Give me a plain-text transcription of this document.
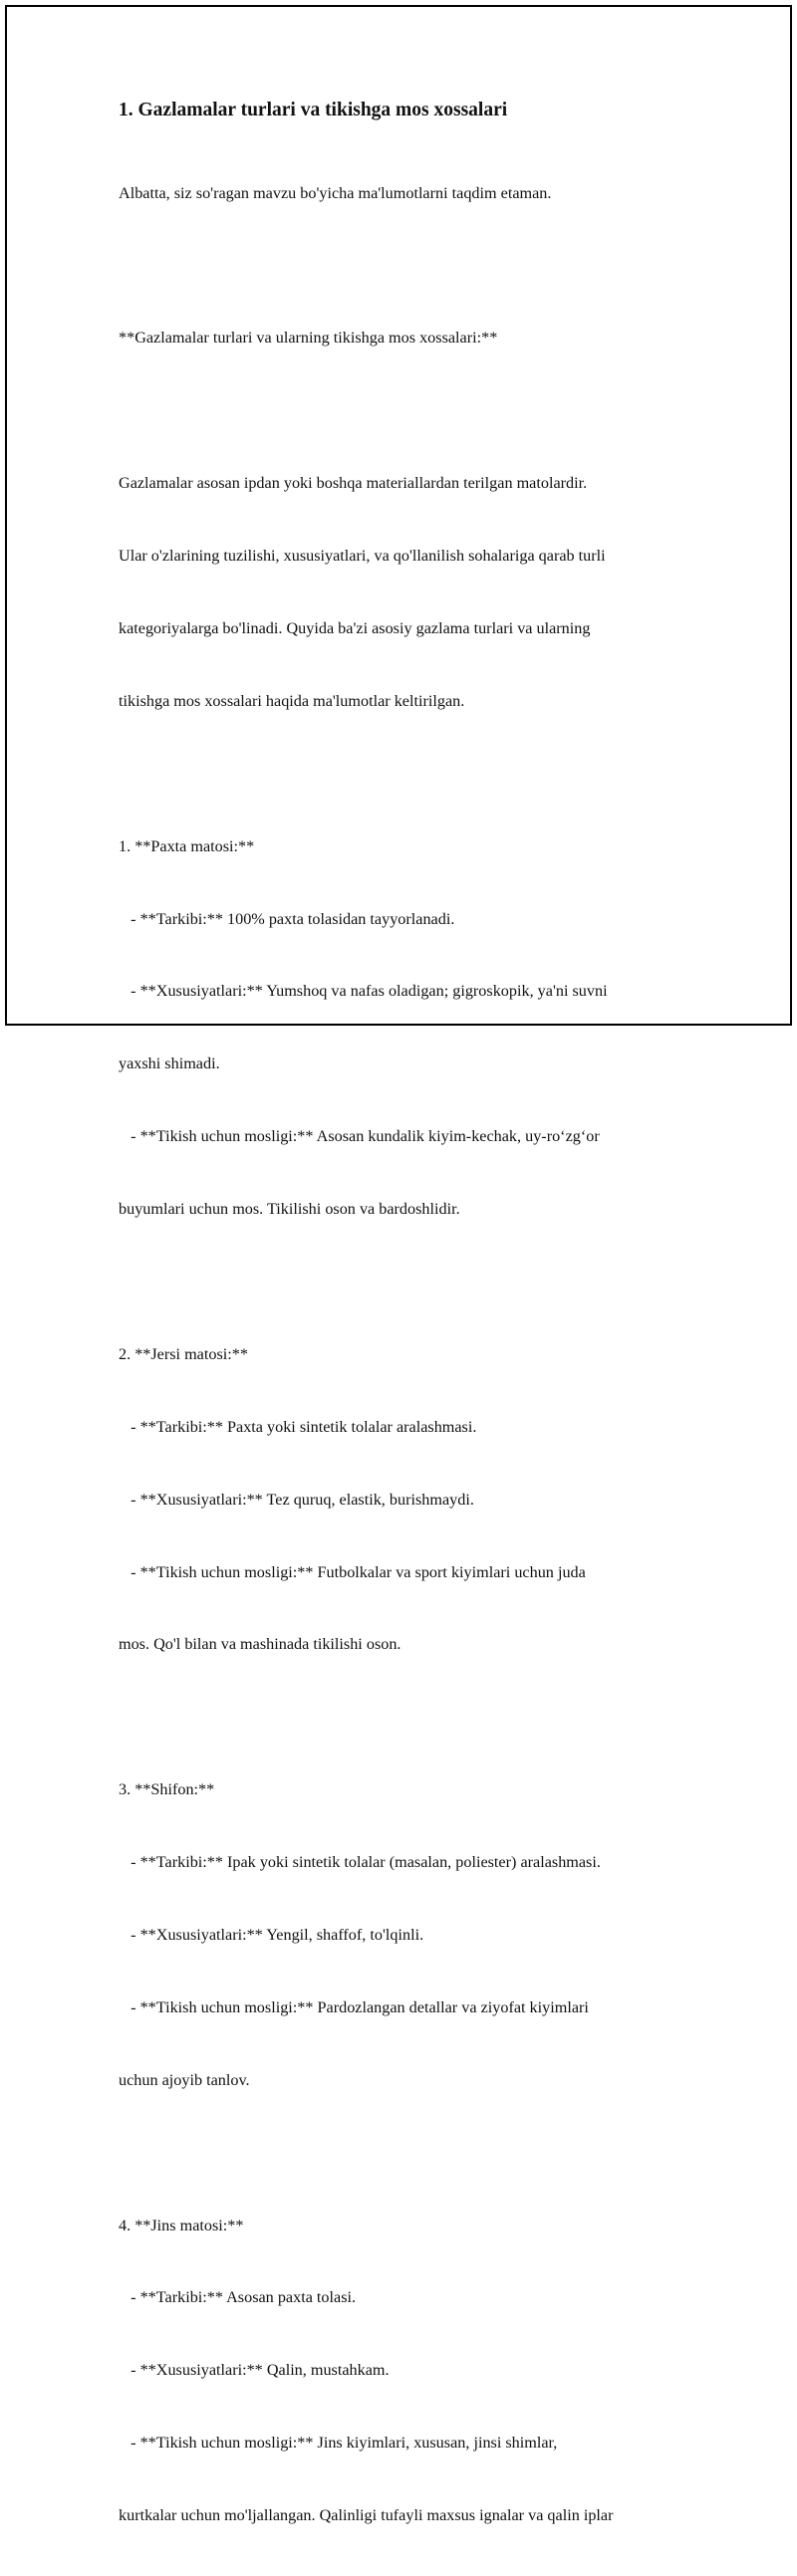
1. Gazlamalar turlari va tikishga mos xossalari

Albatta, siz so'ragan mavzu bo'yicha ma'lumotlarni taqdim etaman.

**Gazlamalar turlari va ularning tikishga mos xossalari:**

Gazlamalar asosan ipdan yoki boshqa materiallardan terilgan matolardir.

Ular o'zlarining tuzilishi, xususiyatlari, va qo'llanilish sohalariga qarab turli

kategoriyalarga bo'linadi. Quyida ba'zi asosiy gazlama turlari va ularning

tikishga mos xossalari haqida ma'lumotlar keltirilgan.

1. **Paxta matosi:**

- **Tarkibi:** 100% paxta tolasidan tayyorlanadi.

- **Xususiyatlari:** Yumshoq va nafas oladigan; gigroskopik, ya'ni suvni

yaxshi shimadi.

- **Tikish uchun mosligi:** Asosan kundalik kiyim-kechak, uy-ro‘zg‘or

buyumlari uchun mos. Tikilishi oson va bardoshlidir.

2. **Jersi matosi:**

- **Tarkibi:** Paxta yoki sintetik tolalar aralashmasi.

- **Xususiyatlari:** Tez quruq, elastik, burishmaydi.

- **Tikish uchun mosligi:** Futbolkalar va sport kiyimlari uchun juda

mos. Qo'l bilan va mashinada tikilishi oson.

3. **Shifon:**

- **Tarkibi:** Ipak yoki sintetik tolalar (masalan, poliester) aralashmasi.

- **Xususiyatlari:** Yengil, shaffof, to'lqinli.

- **Tikish uchun mosligi:** Pardozlangan detallar va ziyofat kiyimlari

uchun ajoyib tanlov.

4. **Jins matosi:**

- **Tarkibi:** Asosan paxta tolasi.

- **Xususiyatlari:** Qalin, mustahkam.

- **Tikish uchun mosligi:** Jins kiyimlari, xususan, jinsi shimlar,

kurtkalar uchun mo'ljallangan. Qalinligi tufayli maxsus ignalar va qalin iplar
